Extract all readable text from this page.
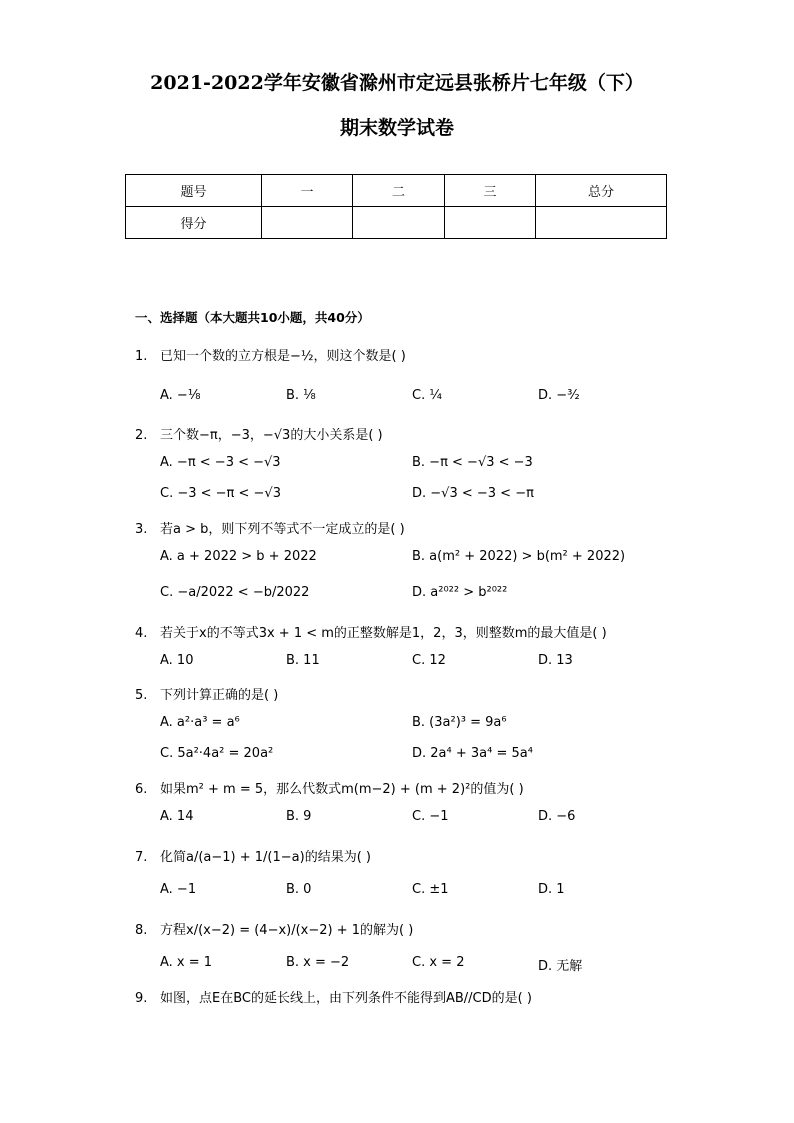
2021-2022学年安徽省滁州市定远县张桥片七年级（下）
期末数学试卷
题号	一	二	三	总分
得分				
一、选择题（本大题共10小题，共40分）
1. 已知一个数的立方根是−½，则这个数是( )
A. −⅛	B. ⅛	C. ¼	D. −³⁄₂
2. 三个数−π，−3，−√3的大小关系是( )
A. −π < −3 < −√3	B. −π < −√3 < −3
C. −3 < −π < −√3	D. −√3 < −3 < −π
3. 若a > b，则下列不等式不一定成立的是( )
A. a + 2022 > b + 2022	B. a(m² + 2022) > b(m² + 2022)
C. −a/2022 < −b/2022	D. a²⁰²² > b²⁰²²
4. 若关于x的不等式3x + 1 < m的正整数解是1，2，3，则整数m的最大值是( )
A. 10	B. 11	C. 12	D. 13
5. 下列计算正确的是( )
A. a²·a³ = a⁶	B. (3a²)³ = 9a⁶
C. 5a²·4a² = 20a²	D. 2a⁴ + 3a⁴ = 5a⁴
6. 如果m² + m = 5，那么代数式m(m−2) + (m + 2)²的值为( )
A. 14	B. 9	C. −1	D. −6
7. 化简a/(a−1) + 1/(1−a)的结果为( )
A. −1	B. 0	C. ±1	D. 1
8. 方程x/(x−2) = (4−x)/(x−2) + 1的解为( )
A. x = 1	B. x = −2	C. x = 2	D. 无解
9. 如图，点E在BC的延长线上，由下列条件不能得到AB//CD的是( )
